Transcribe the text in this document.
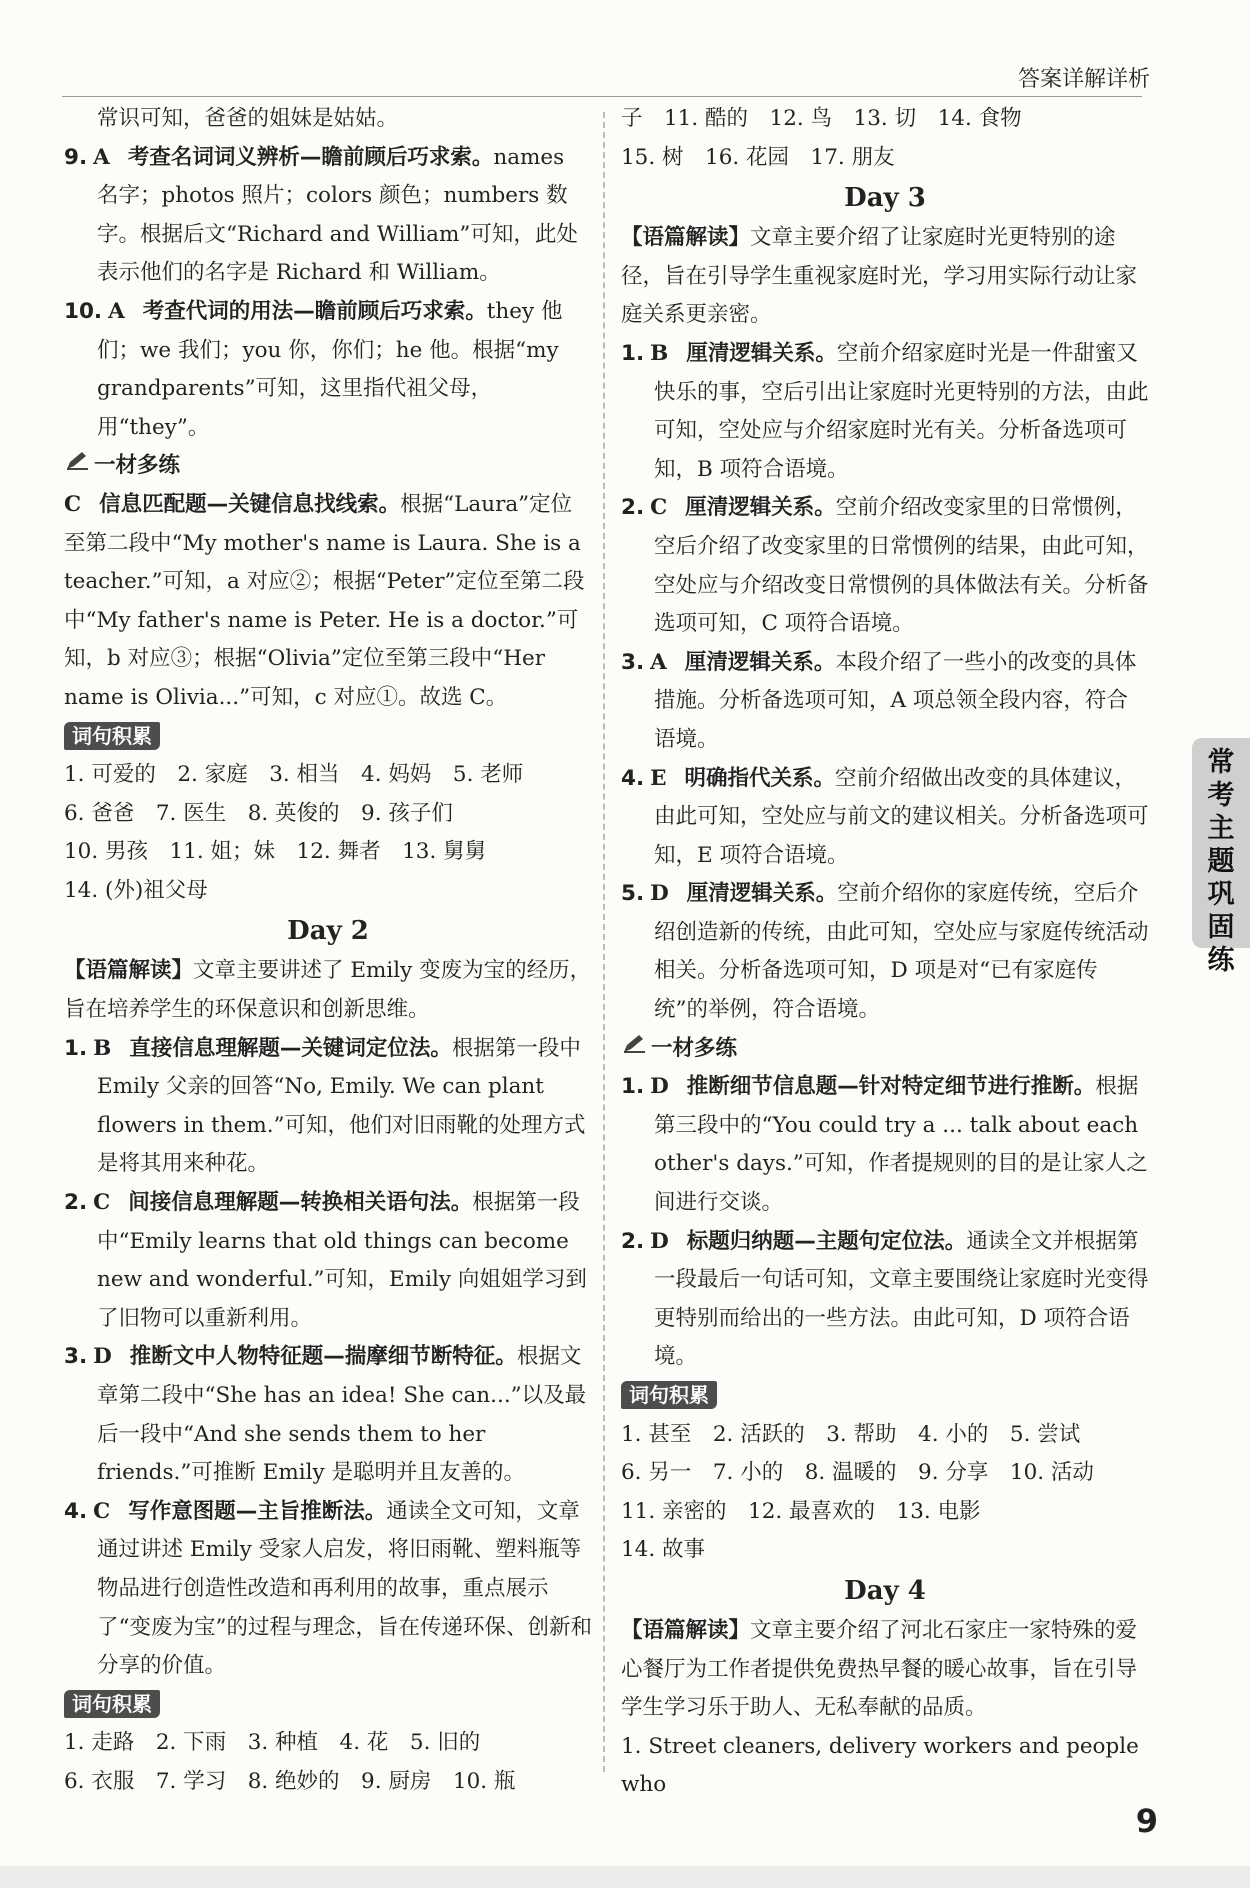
答案详解详析

常识可知，爸爸的姐妹是姑姑。

9. A 考查名词词义辨析—瞻前顾后巧求索。names 名字；photos 照片；colors 颜色；numbers 数字。根据后文“Richard and William”可知，此处表示他们的名字是 Richard 和 William。

10. A 考查代词的用法—瞻前顾后巧求索。they 他们；we 我们；you 你，你们；he 他。根据“my grandparents”可知，这里指代祖父母，用“they”。

一材多练

C 信息匹配题—关键信息找线索。根据“Laura”定位至第二段中“My mother's name is Laura. She is a teacher.”可知，a 对应②；根据“Peter”定位至第二段中“My father's name is Peter. He is a doctor.”可知，b 对应③；根据“Olivia”定位至第三段中“Her name is Olivia...”可知，c 对应①。故选 C。

词句积累

1. 可爱的　2. 家庭　3. 相当　4. 妈妈　5. 老师

6. 爸爸　7. 医生　8. 英俊的　9. 孩子们

10. 男孩　11. 姐；妹　12. 舞者　13. 舅舅

14. (外)祖父母

Day 2

【语篇解读】文章主要讲述了 Emily 变废为宝的经历，旨在培养学生的环保意识和创新思维。

1. B 直接信息理解题—关键词定位法。根据第一段中 Emily 父亲的回答“No, Emily. We can plant flowers in them.”可知，他们对旧雨靴的处理方式是将其用来种花。

2. C 间接信息理解题—转换相关语句法。根据第一段中“Emily learns that old things can become new and wonderful.”可知，Emily 向姐姐学习到了旧物可以重新利用。

3. D 推断文中人物特征题—揣摩细节断特征。根据文章第二段中“She has an idea! She can...”以及最后一段中“And she sends them to her friends.”可推断 Emily 是聪明并且友善的。

4. C 写作意图题—主旨推断法。通读全文可知，文章通过讲述 Emily 受家人启发，将旧雨靴、塑料瓶等物品进行创造性改造和再利用的故事，重点展示了“变废为宝”的过程与理念，旨在传递环保、创新和分享的价值。

词句积累

1. 走路　2. 下雨　3. 种植　4. 花　5. 旧的

6. 衣服　7. 学习　8. 绝妙的　9. 厨房　10. 瓶

子　11. 酷的　12. 鸟　13. 切　14. 食物

15. 树　16. 花园　17. 朋友

Day 3

【语篇解读】文章主要介绍了让家庭时光更特别的途径，旨在引导学生重视家庭时光，学习用实际行动让家庭关系更亲密。

1. B 厘清逻辑关系。空前介绍家庭时光是一件甜蜜又快乐的事，空后引出让家庭时光更特别的方法，由此可知，空处应与介绍家庭时光有关。分析备选项可知，B 项符合语境。

2. C 厘清逻辑关系。空前介绍改变家里的日常惯例，空后介绍了改变家里的日常惯例的结果，由此可知，空处应与介绍改变日常惯例的具体做法有关。分析备选项可知，C 项符合语境。

3. A 厘清逻辑关系。本段介绍了一些小的改变的具体措施。分析备选项可知，A 项总领全段内容，符合语境。

4. E 明确指代关系。空前介绍做出改变的具体建议，由此可知，空处应与前文的建议相关。分析备选项可知，E 项符合语境。

5. D 厘清逻辑关系。空前介绍你的家庭传统，空后介绍创造新的传统，由此可知，空处应与家庭传统活动相关。分析备选项可知，D 项是对“已有家庭传统”的举例，符合语境。

一材多练

1. D 推断细节信息题—针对特定细节进行推断。根据第三段中的“You could try a ... talk about each other's days.”可知，作者提规则的目的是让家人之间进行交谈。

2. D 标题归纳题—主题句定位法。通读全文并根据第一段最后一句话可知，文章主要围绕让家庭时光变得更特别而给出的一些方法。由此可知，D 项符合语境。

词句积累

1. 甚至　2. 活跃的　3. 帮助　4. 小的　5. 尝试

6. 另一　7. 小的　8. 温暖的　9. 分享　10. 活动　11. 亲密的　12. 最喜欢的　13. 电影

14. 故事

Day 4

【语篇解读】文章主要介绍了河北石家庄一家特殊的爱心餐厅为工作者提供免费热早餐的暖心故事，旨在引导学生学习乐于助人、无私奉献的品质。

1. Street cleaners, delivery workers and people who

常
考
主
题
巩
固
练
9
